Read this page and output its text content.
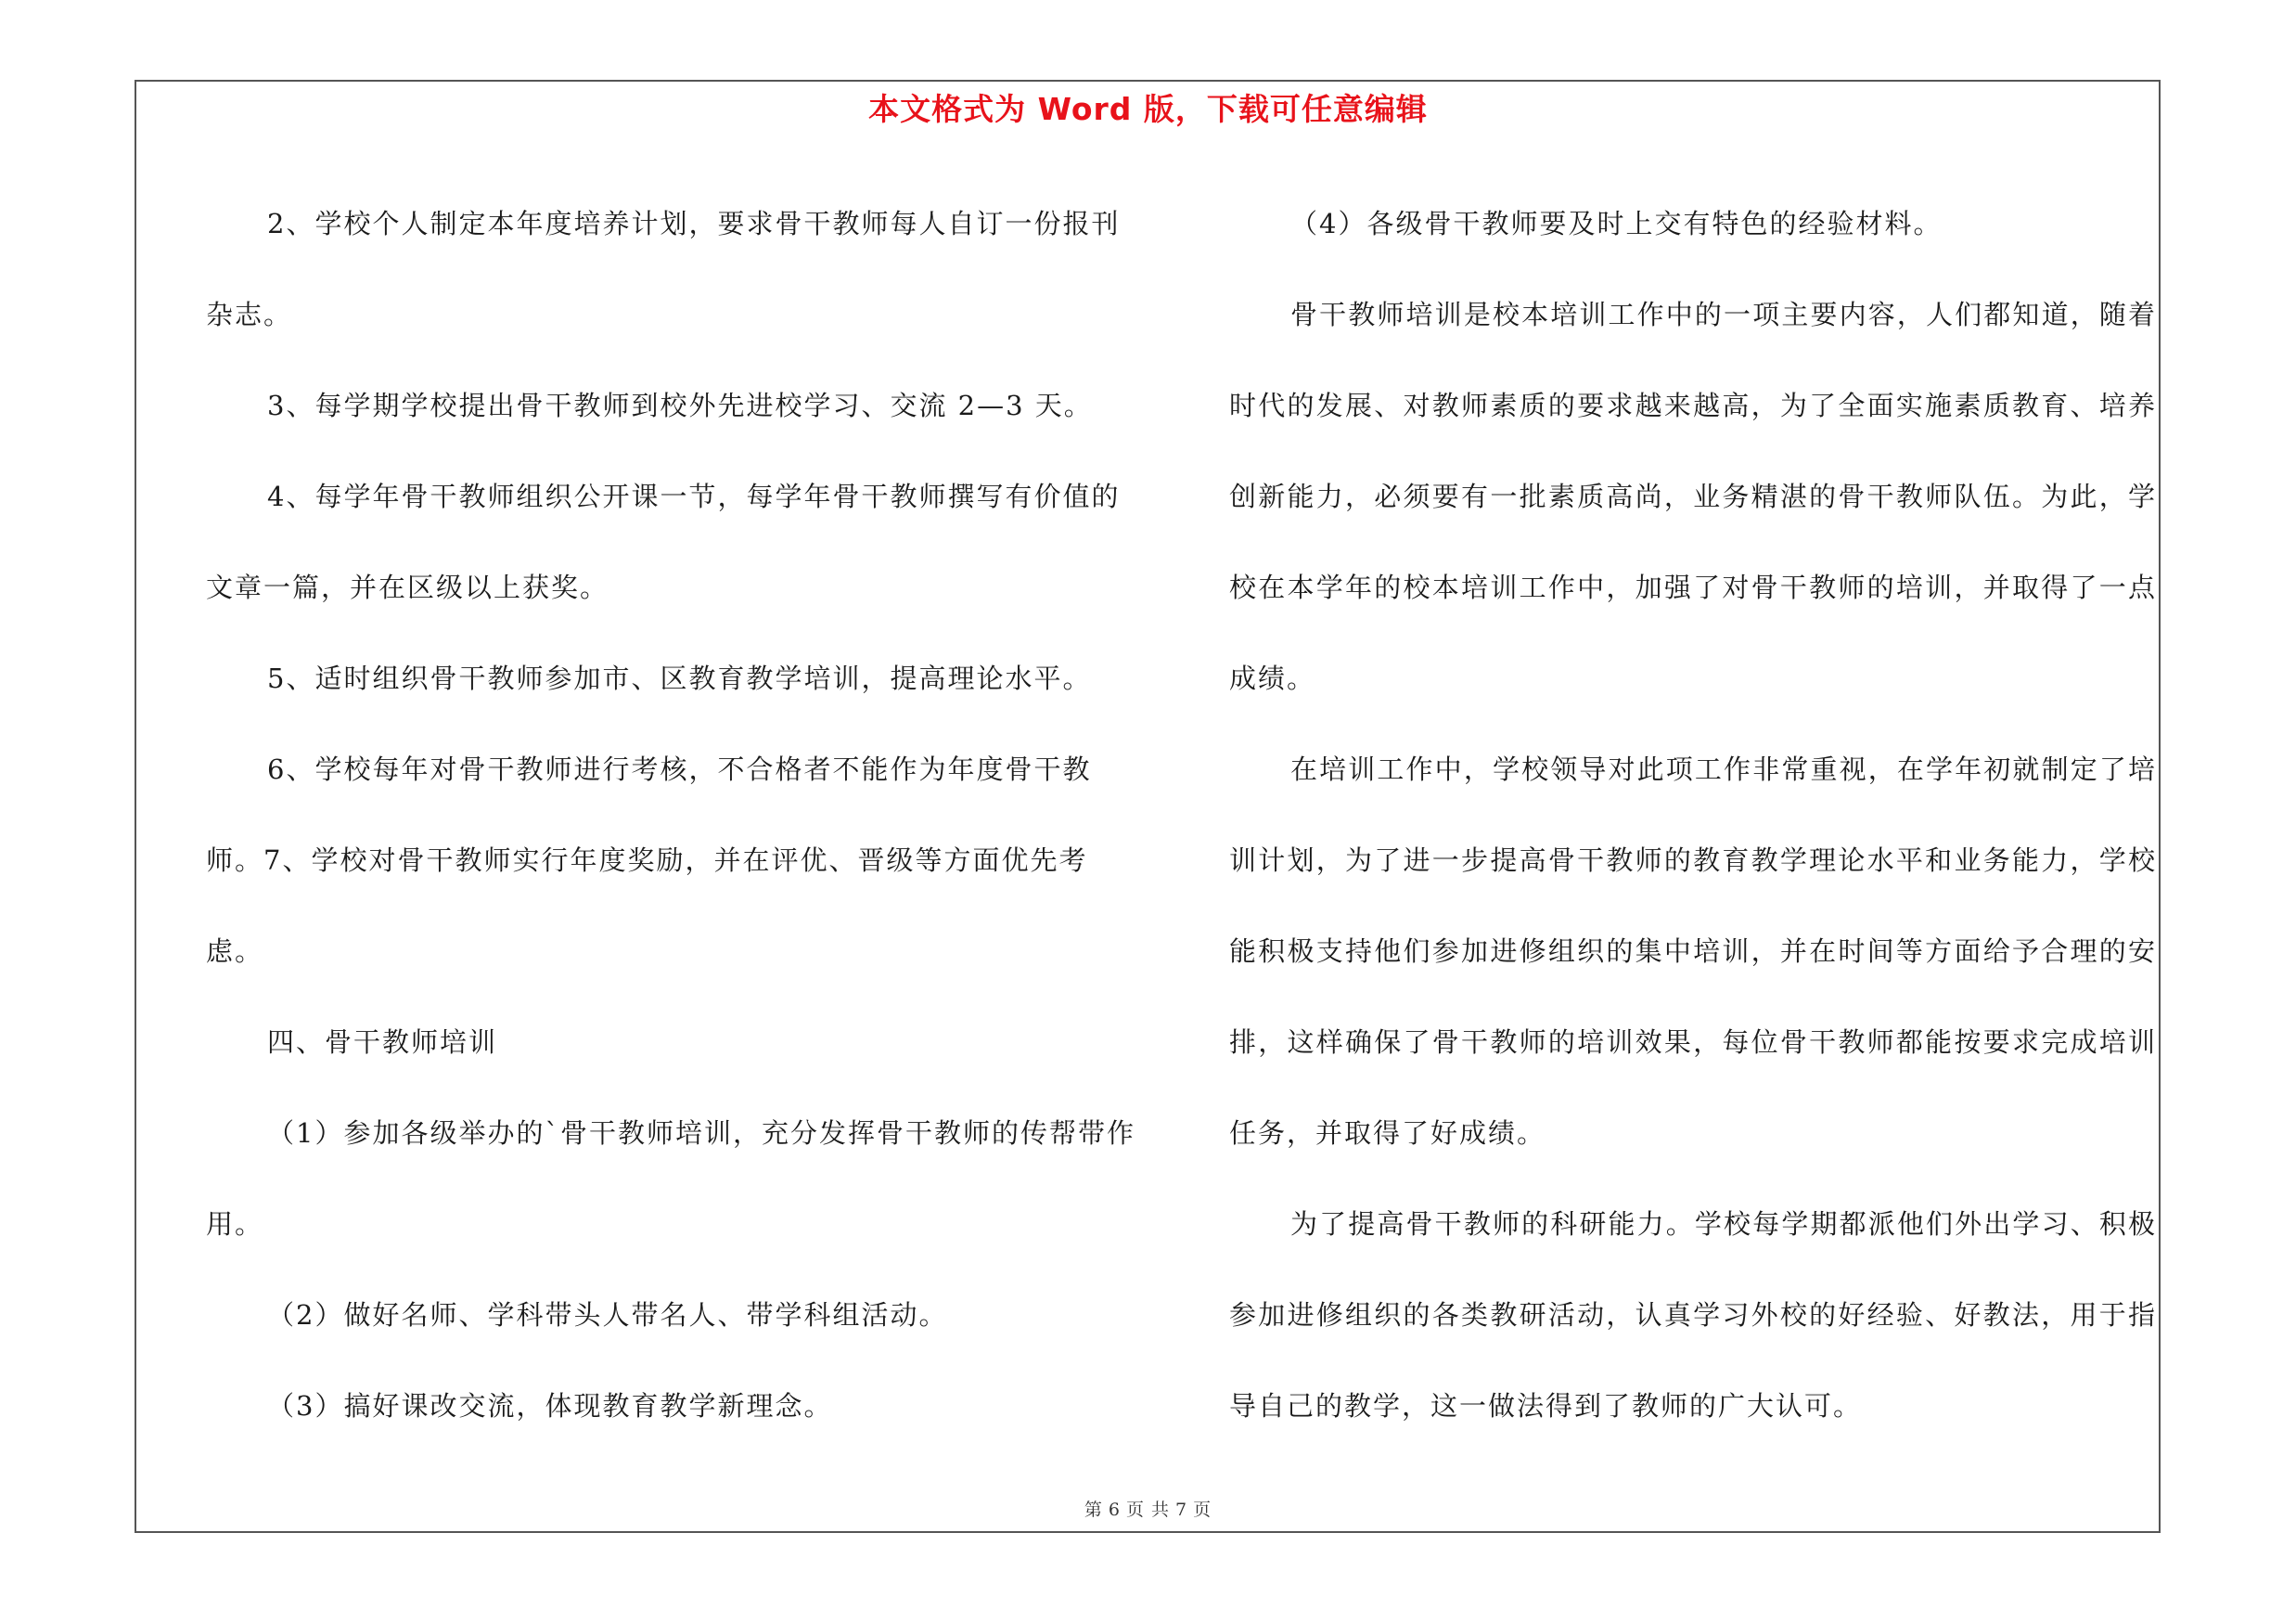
本文格式为 Word 版，下载可任意编辑

2、学校个人制定本年度培养计划，要求骨干教师每人自订一份报刊杂志。

3、每学期学校提出骨干教师到校外先进校学习、交流 2—3 天。

4、每学年骨干教师组织公开课一节，每学年骨干教师撰写有价值的文章一篇，并在区级以上获奖。

5、适时组织骨干教师参加市、区教育教学培训，提高理论水平。

6、学校每年对骨干教师进行考核，不合格者不能作为年度骨干教师。7、学校对骨干教师实行年度奖励，并在评优、晋级等方面优先考虑。

四、骨干教师培训

（1）参加各级举办的`骨干教师培训，充分发挥骨干教师的传帮带作用。

（2）做好名师、学科带头人带名人、带学科组活动。

（3）搞好课改交流，体现教育教学新理念。

（4）各级骨干教师要及时上交有特色的经验材料。

骨干教师培训是校本培训工作中的一项主要内容，人们都知道，随着时代的发展、对教师素质的要求越来越高，为了全面实施素质教育、培养创新能力，必须要有一批素质高尚，业务精湛的骨干教师队伍。为此，学校在本学年的校本培训工作中，加强了对骨干教师的培训，并取得了一点成绩。

在培训工作中，学校领导对此项工作非常重视，在学年初就制定了培训计划，为了进一步提高骨干教师的教育教学理论水平和业务能力，学校能积极支持他们参加进修组织的集中培训，并在时间等方面给予合理的安排，这样确保了骨干教师的培训效果，每位骨干教师都能按要求完成培训任务，并取得了好成绩。

为了提高骨干教师的科研能力。学校每学期都派他们外出学习、积极参加进修组织的各类教研活动，认真学习外校的好经验、好教法，用于指导自己的教学，这一做法得到了教师的广大认可。

第 6 页 共 7 页
